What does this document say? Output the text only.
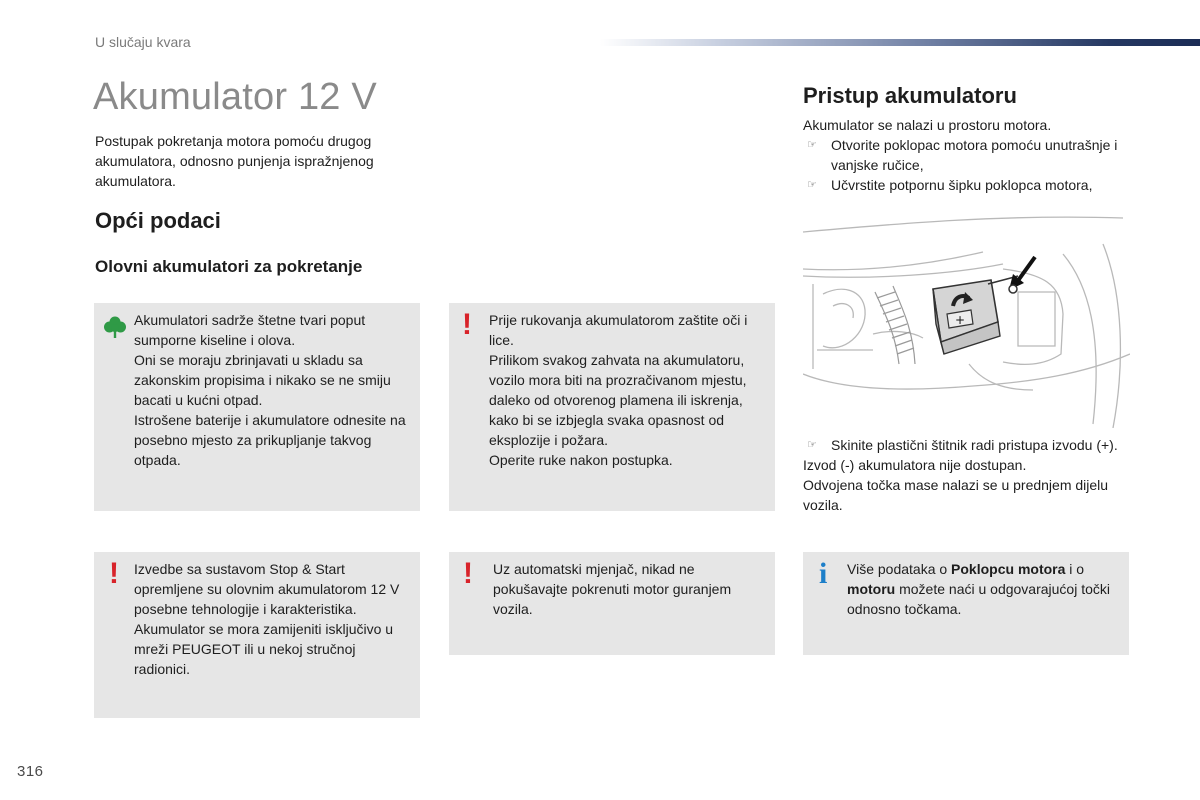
U slučaju kvara
Akumulator 12 V
Postupak pokretanja motora pomoću drugog akumulatora, odnosno punjenja ispražnjenog akumulatora.
Opći podaci
Olovni akumulatori za pokretanje
Akumulatori sadrže štetne tvari poput sumporne kiseline i olova.
Oni se moraju zbrinjavati u skladu sa zakonskim propisima i nikako se ne smiju bacati u kućni otpad.
Istrošene baterije i akumulatore odnesite na posebno mjesto za prikupljanje takvog otpada.
! Prije rukovanja akumulatorom zaštite oči i lice.
Prilikom svakog zahvata na akumulatoru, vozilo mora biti na prozračivanom mjestu, daleko od otvorenog plamena ili iskrenja, kako bi se izbjegla svaka opasnost od eksplozije i požara.
Operite ruke nakon postupka.
! Izvedbe sa sustavom Stop & Start opremljene su olovnim akumulatorom 12 V posebne tehnologije i karakteristika.
Akumulator se mora zamijeniti isključivo u mreži PEUGEOT ili u nekoj stručnoj radionici.
! Uz automatski mjenjač, nikad ne pokušavajte pokrenuti motor guranjem vozila.
Pristup akumulatoru
Akumulator se nalazi u prostoru motora.
☞ Otvorite poklopac motora pomoću unutrašnje i vanjske ručice,
☞ Učvrstite potpornu šipku poklopca motora,
+
☞ Skinite plastični štitnik radi pristupa izvodu (+).
Izvod (-) akumulatora nije dostupan.
Odvojena točka mase nalazi se u prednjem dijelu vozila.
i Više podataka o Poklopcu motora i o motoru možete naći u odgovarajućoj točki odnosno točkama.
316
